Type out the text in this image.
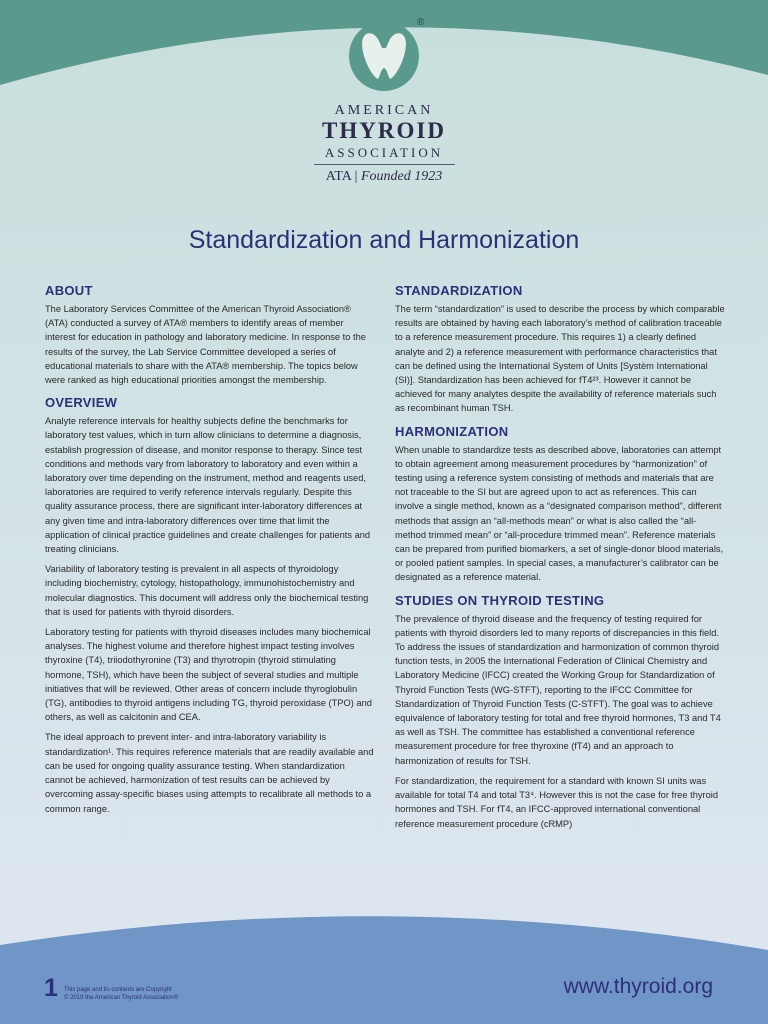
®
AMERICAN
THYROID
ASSOCIATION
ATA | Founded 1923
Standardization and Harmonization
ABOUT

The Laboratory Services Committee of the American Thyroid Association® (ATA) conducted a survey of ATA® members to identify areas of member interest for education in pathology and laboratory medicine. In response to the results of the survey, the Lab Service Committee developed a series of educational materials to share with the ATA® membership. The topics below were ranked as high educational priorities amongst the membership.

OVERVIEW

Analyte reference intervals for healthy subjects define the benchmarks for laboratory test values, which in turn allow clinicians to determine a diagnosis, establish progression of disease, and monitor response to therapy. Since test conditions and methods vary from laboratory to laboratory and even within a laboratory over time depending on the instrument, method and reagents used, laboratories are required to verify reference intervals regularly. Despite this quality assurance process, there are significant inter-laboratory differences at any given time and intra-laboratory differences over time that limit the application of clinical practice guidelines and create challenges for patients and treating clinicians.

Variability of laboratory testing is prevalent in all aspects of thyroidology including biochemistry, cytology, histopathology, immunohistochemistry and molecular diagnostics. This document will address only the biochemical testing that is used for patients with thyroid disorders.

Laboratory testing for patients with thyroid diseases includes many biochemical analyses. The highest volume and therefore highest impact testing involves thyroxine (T4), triiodothyronine (T3) and thyrotropin (thyroid stimulating hormone, TSH), which have been the subject of several studies and multiple initiatives that will be reviewed. Other areas of concern include thyroglobulin (TG), antibodies to thyroid antigens including TG, thyroid peroxidase (TPO) and others, as well as calcitonin and CEA.

The ideal approach to prevent inter- and intra-laboratory variability is standardization¹. This requires reference materials that are readily available and can be used for ongoing quality assurance testing. When standardization cannot be achieved, harmonization of test results can be achieved by overcoming assay-specific biases using attempts to recalibrate all methods to a common range.

STANDARDIZATION

The term “standardization” is used to describe the process by which comparable results are obtained by having each laboratory’s method of calibration traceable to a reference measurement procedure. This requires 1) a clearly defined analyte and 2) a reference measurement with performance characteristics that can be defined using the International System of Units [Systèm International (SI)]. Standardization has been achieved for fT4²³. However it cannot be achieved for many analytes despite the availability of reference materials such as recombinant human TSH.

HARMONIZATION

When unable to standardize tests as described above, laboratories can attempt to obtain agreement among measurement procedures by “harmonization” of testing using a reference system consisting of methods and materials that are not traceable to the SI but are agreed upon to act as references. This can involve a single method, known as a “designated comparison method”, different methods that assign an “all-methods mean” or what is also called the “all-method trimmed mean” or “all-procedure trimmed mean”. Reference materials can be prepared from purified biomarkers, a set of single-donor blood materials, or pooled patient samples. In special cases, a manufacturer’s calibrator can be designated as a reference material.

STUDIES ON THYROID TESTING

The prevalence of thyroid disease and the frequency of testing required for patients with thyroid disorders led to many reports of discrepancies in this field. To address the issues of standardization and harmonization of common thyroid function tests, in 2005 the International Federation of Clinical Chemistry and Laboratory Medicine (IFCC) created the Working Group for Standardization of Thyroid Function Tests (WG-STFT), reporting to the IFCC Committee for Standardization of Thyroid Function Tests (C-STFT). The goal was to achieve equivalence of laboratory testing for total and free thyroid hormones, T3 and T4 as well as TSH. The committee has established a conventional reference measurement procedure for free thyroxine (fT4) and an approach to harmonization of results for TSH.

For standardization, the requirement for a standard with known SI units was available for total T4 and total T3⁴. However this is not the case for free thyroid hormones and TSH. For fT4, an IFCC-approved international conventional reference measurement procedure (cRMP)

1 This page and its contents are Copyright
© 2019 the American Thyroid Association®	www.thyroid.org
